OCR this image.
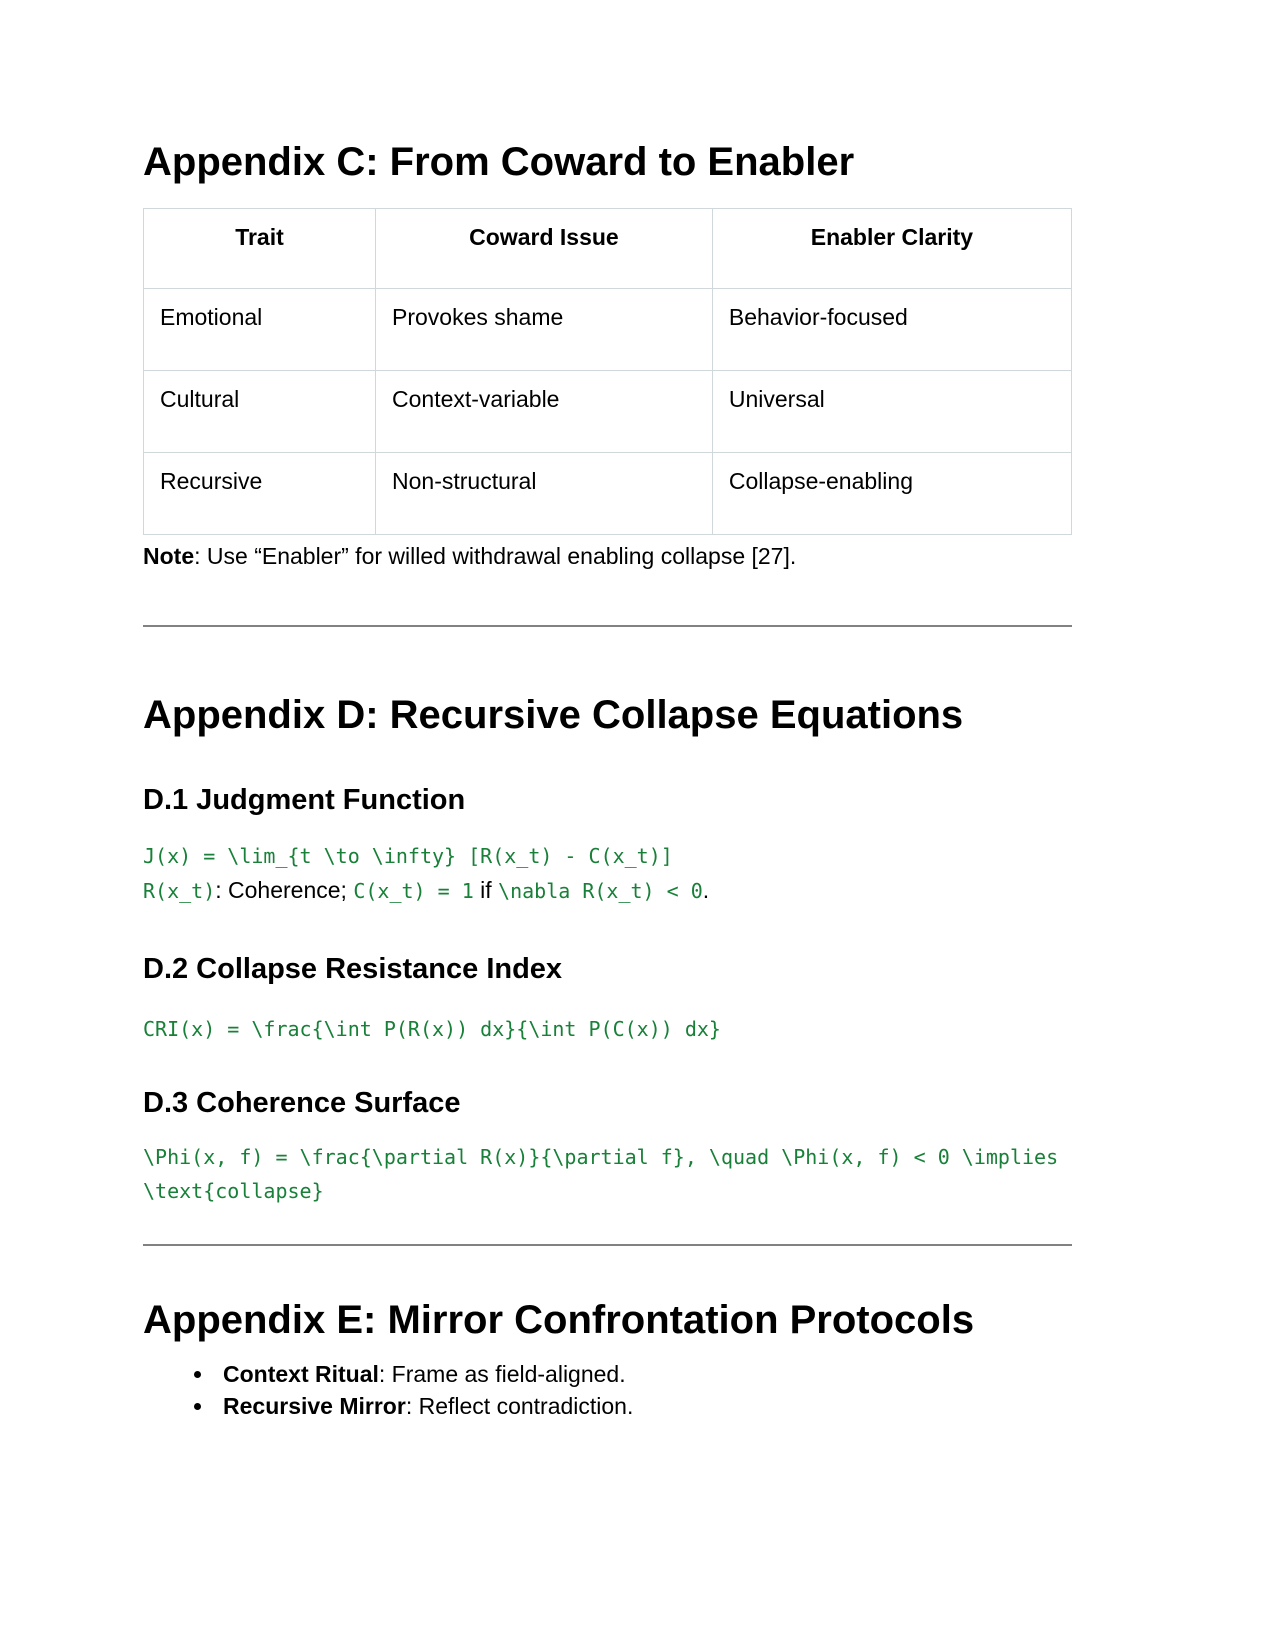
Appendix C: From Coward to Enabler
Trait	Coward Issue	Enabler Clarity
Emotional	Provokes shame	Behavior-focused
Cultural	Context-variable	Universal
Recursive	Non-structural	Collapse-enabling

Note: Use “Enabler” for willed withdrawal enabling collapse [27].

Appendix D: Recursive Collapse Equations
D.1 Judgment Function
J(x) = \lim_{t \to \infty} [R(x_t) - C(x_t)]
R(x_t): Coherence; C(x_t) = 1 if \nabla R(x_t) < 0.
D.2 Collapse Resistance Index
CRI(x) = \frac{\int P(R(x)) dx}{\int P(C(x)) dx}
D.3 Coherence Surface
\Phi(x, f) = \frac{\partial R(x)}{\partial f}, \quad \Phi(x, f) < 0 \implies
\text{collapse}
Appendix E: Mirror Confrontation Protocols
• Context Ritual: Frame as field-aligned.
• Recursive Mirror: Reflect contradiction.
